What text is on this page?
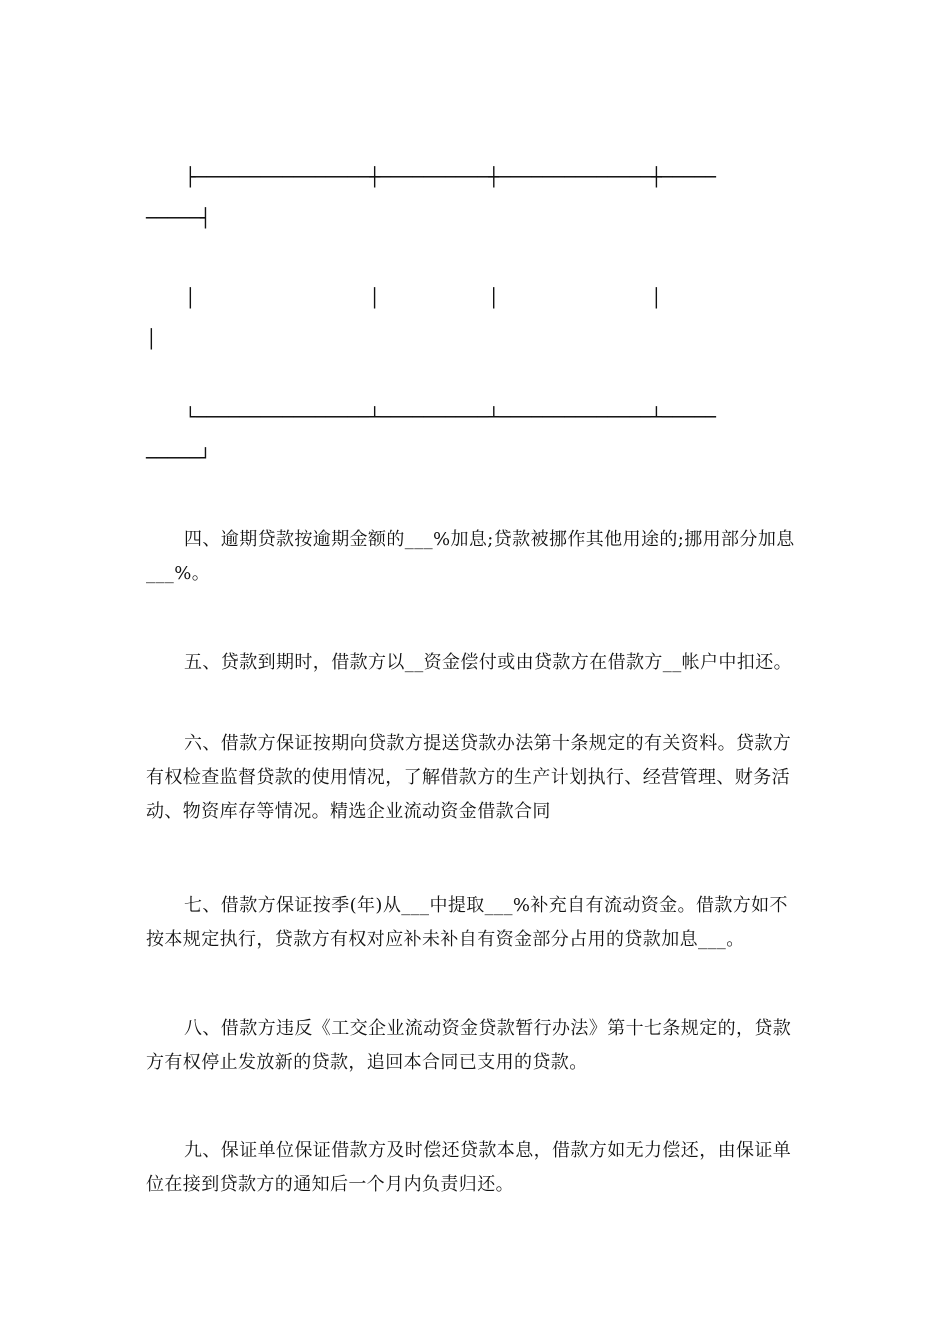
├────────────────┼──────────┼──────────────┼─────
─────┤
│                │          │              │
│
└────────────────┴──────────┴──────────────┴─────
─────┘

四、逾期贷款按逾期金额的___%加息;贷款被挪作其他用途的;挪用部分加息___%。

五、贷款到期时，借款方以__资金偿付或由贷款方在借款方__帐户中扣还。

六、借款方保证按期向贷款方提送贷款办法第十条规定的有关资料。贷款方有权检查监督贷款的使用情况，了解借款方的生产计划执行、经营管理、财务活动、物资库存等情况。精选企业流动资金借款合同

七、借款方保证按季(年)从___中提取___%补充自有流动资金。借款方如不按本规定执行，贷款方有权对应补未补自有资金部分占用的贷款加息___。

八、借款方违反《工交企业流动资金贷款暂行办法》第十七条规定的，贷款方有权停止发放新的贷款，追回本合同已支用的贷款。

九、保证单位保证借款方及时偿还贷款本息，借款方如无力偿还，由保证单位在接到贷款方的通知后一个月内负责归还。
